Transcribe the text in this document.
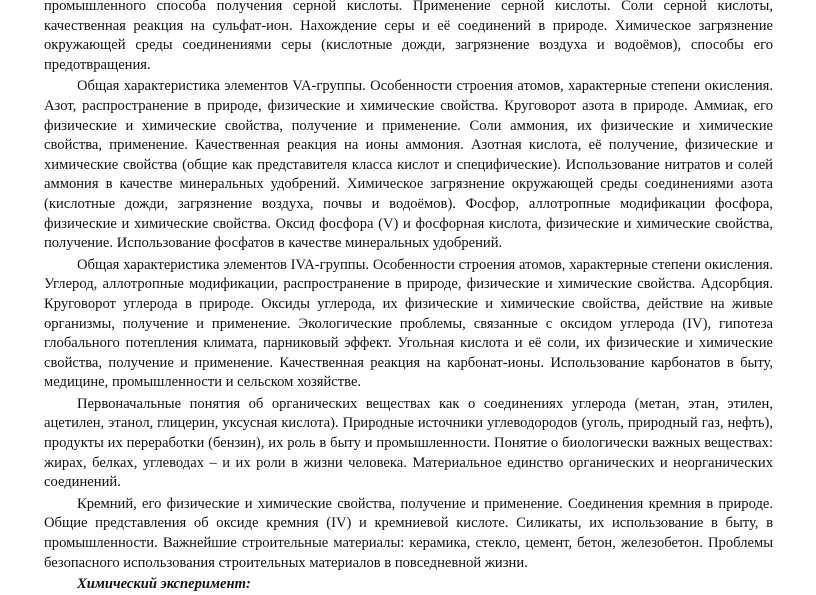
промышленного способа получения серной кислоты. Применение серной кислоты. Соли серной кислоты, качественная реакция на сульфат-ион. Нахождение серы и её соединений в природе. Химическое загрязнение окружающей среды соединениями серы (кислотные дожди, загрязнение воздуха и водоёмов), способы его предотвращения.

Общая характеристика элементов VA-группы. Особенности строения атомов, характерные степени окисления. Азот, распространение в природе, физические и химические свойства. Круговорот азота в природе. Аммиак, его физические и химические свойства, получение и применение. Соли аммония, их физические и химические свойства, применение. Качественная реакция на ионы аммония. Азотная кислота, её получение, физические и химические свойства (общие как представителя класса кислот и специфические). Использование нитратов и солей аммония в качестве минеральных удобрений. Химическое загрязнение окружающей среды соединениями азота (кислотные дожди, загрязнение воздуха, почвы и водоёмов). Фосфор, аллотропные модификации фосфора, физические и химические свойства. Оксид фосфора (V) и фосфорная кислота, физические и химические свойства, получение. Использование фосфатов в качестве минеральных удобрений.

Общая характеристика элементов IVA-группы. Особенности строения атомов, характерные степени окисления. Углерод, аллотропные модификации, распространение в природе, физические и химические свойства. Адсорбция. Круговорот углерода в природе. Оксиды углерода, их физические и химические свойства, действие на живые организмы, получение и применение. Экологические проблемы, связанные с оксидом углерода (IV), гипотеза глобального потепления климата, парниковый эффект. Угольная кислота и её соли, их физические и химические свойства, получение и применение. Качественная реакция на карбонат-ионы. Использование карбонатов в быту, медицине, промышленности и сельском хозяйстве.

Первоначальные понятия об органических веществах как о соединениях углерода (метан, этан, этилен, ацетилен, этанол, глицерин, уксусная кислота). Природные источники углеводородов (уголь, природный газ, нефть), продукты их переработки (бензин), их роль в быту и промышленности. Понятие о биологически важных веществах: жирах, белках, углеводах – и их роли в жизни человека. Материальное единство органических и неорганических соединений.

Кремний, его физические и химические свойства, получение и применение. Соединения кремния в природе. Общие представления об оксиде кремния (IV) и кремниевой кислоте. Силикаты, их использование в быту, в промышленности. Важнейшие строительные материалы: керамика, стекло, цемент, бетон, железобетон. Проблемы безопасного использования строительных материалов в повседневной жизни.

Химический эксперимент:
